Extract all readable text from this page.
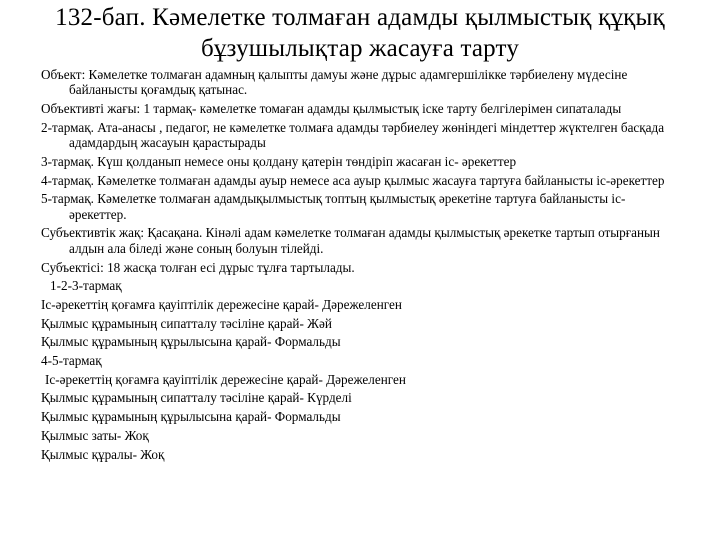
132-бап. Кәмелетке толмаған адамды қылмыстық құқық
бұзушылықтар жасауға тарту

Объект: Кәмелетке толмаған адамның қалыпты дамуы және дұрыс адамгершілікке тәрбиелену мүдесіне байланысты қоғамдық қатынас.

Объективті жағы: 1 тармақ- кәмелетке томаған адамды қылмыстық іске тарту белгілерімен сипаталады

2-тармақ. Ата-анасы , педагог, не кәмелетке толмаға адамды тәрбиелеу жөніндегі міндеттер жүктелген басқада адамдардың жасауын қарастырады

3-тармақ. Күш қолданып немесе оны қолдану қатерін төндіріп жасаған іс- әрекеттер

4-тармақ. Кәмелетке толмаған адамды ауыр немесе аса ауыр қылмыс жасауға тартуға байланысты іс-әрекеттер

5-тармақ. Кәмелетке толмаған адамдықылмыстық топтың қылмыстық әрекетіне тартуға байланысты іс-әрекеттер.

Субъективтік жақ: Қасақана. Кінәлі адам кәмелетке толмаған адамды қылмыстық әрекетке тартып отырғанын алдын ала біледі және соның болуын тілейді.

Субъектісі: 18 жасқа толған есі дұрыс тұлға тартылады.

1-2-3-тармақ

Іс-әрекеттің қоғамға қауіптілік дережесіне қарай- Дәрежеленген

Қылмыс құрамының сипатталу тәсіліне қарай- Жәй

Қылмыс құрамының құрылысына қарай- Формальды

4-5-тармақ

Іс-әрекеттің қоғамға қауіптілік дережесіне қарай- Дәрежеленген

Қылмыс құрамының сипатталу тәсіліне қарай- Күрделі

Қылмыс құрамының құрылысына қарай- Формальды

Қылмыс заты- Жоқ

Қылмыс құралы- Жоқ
